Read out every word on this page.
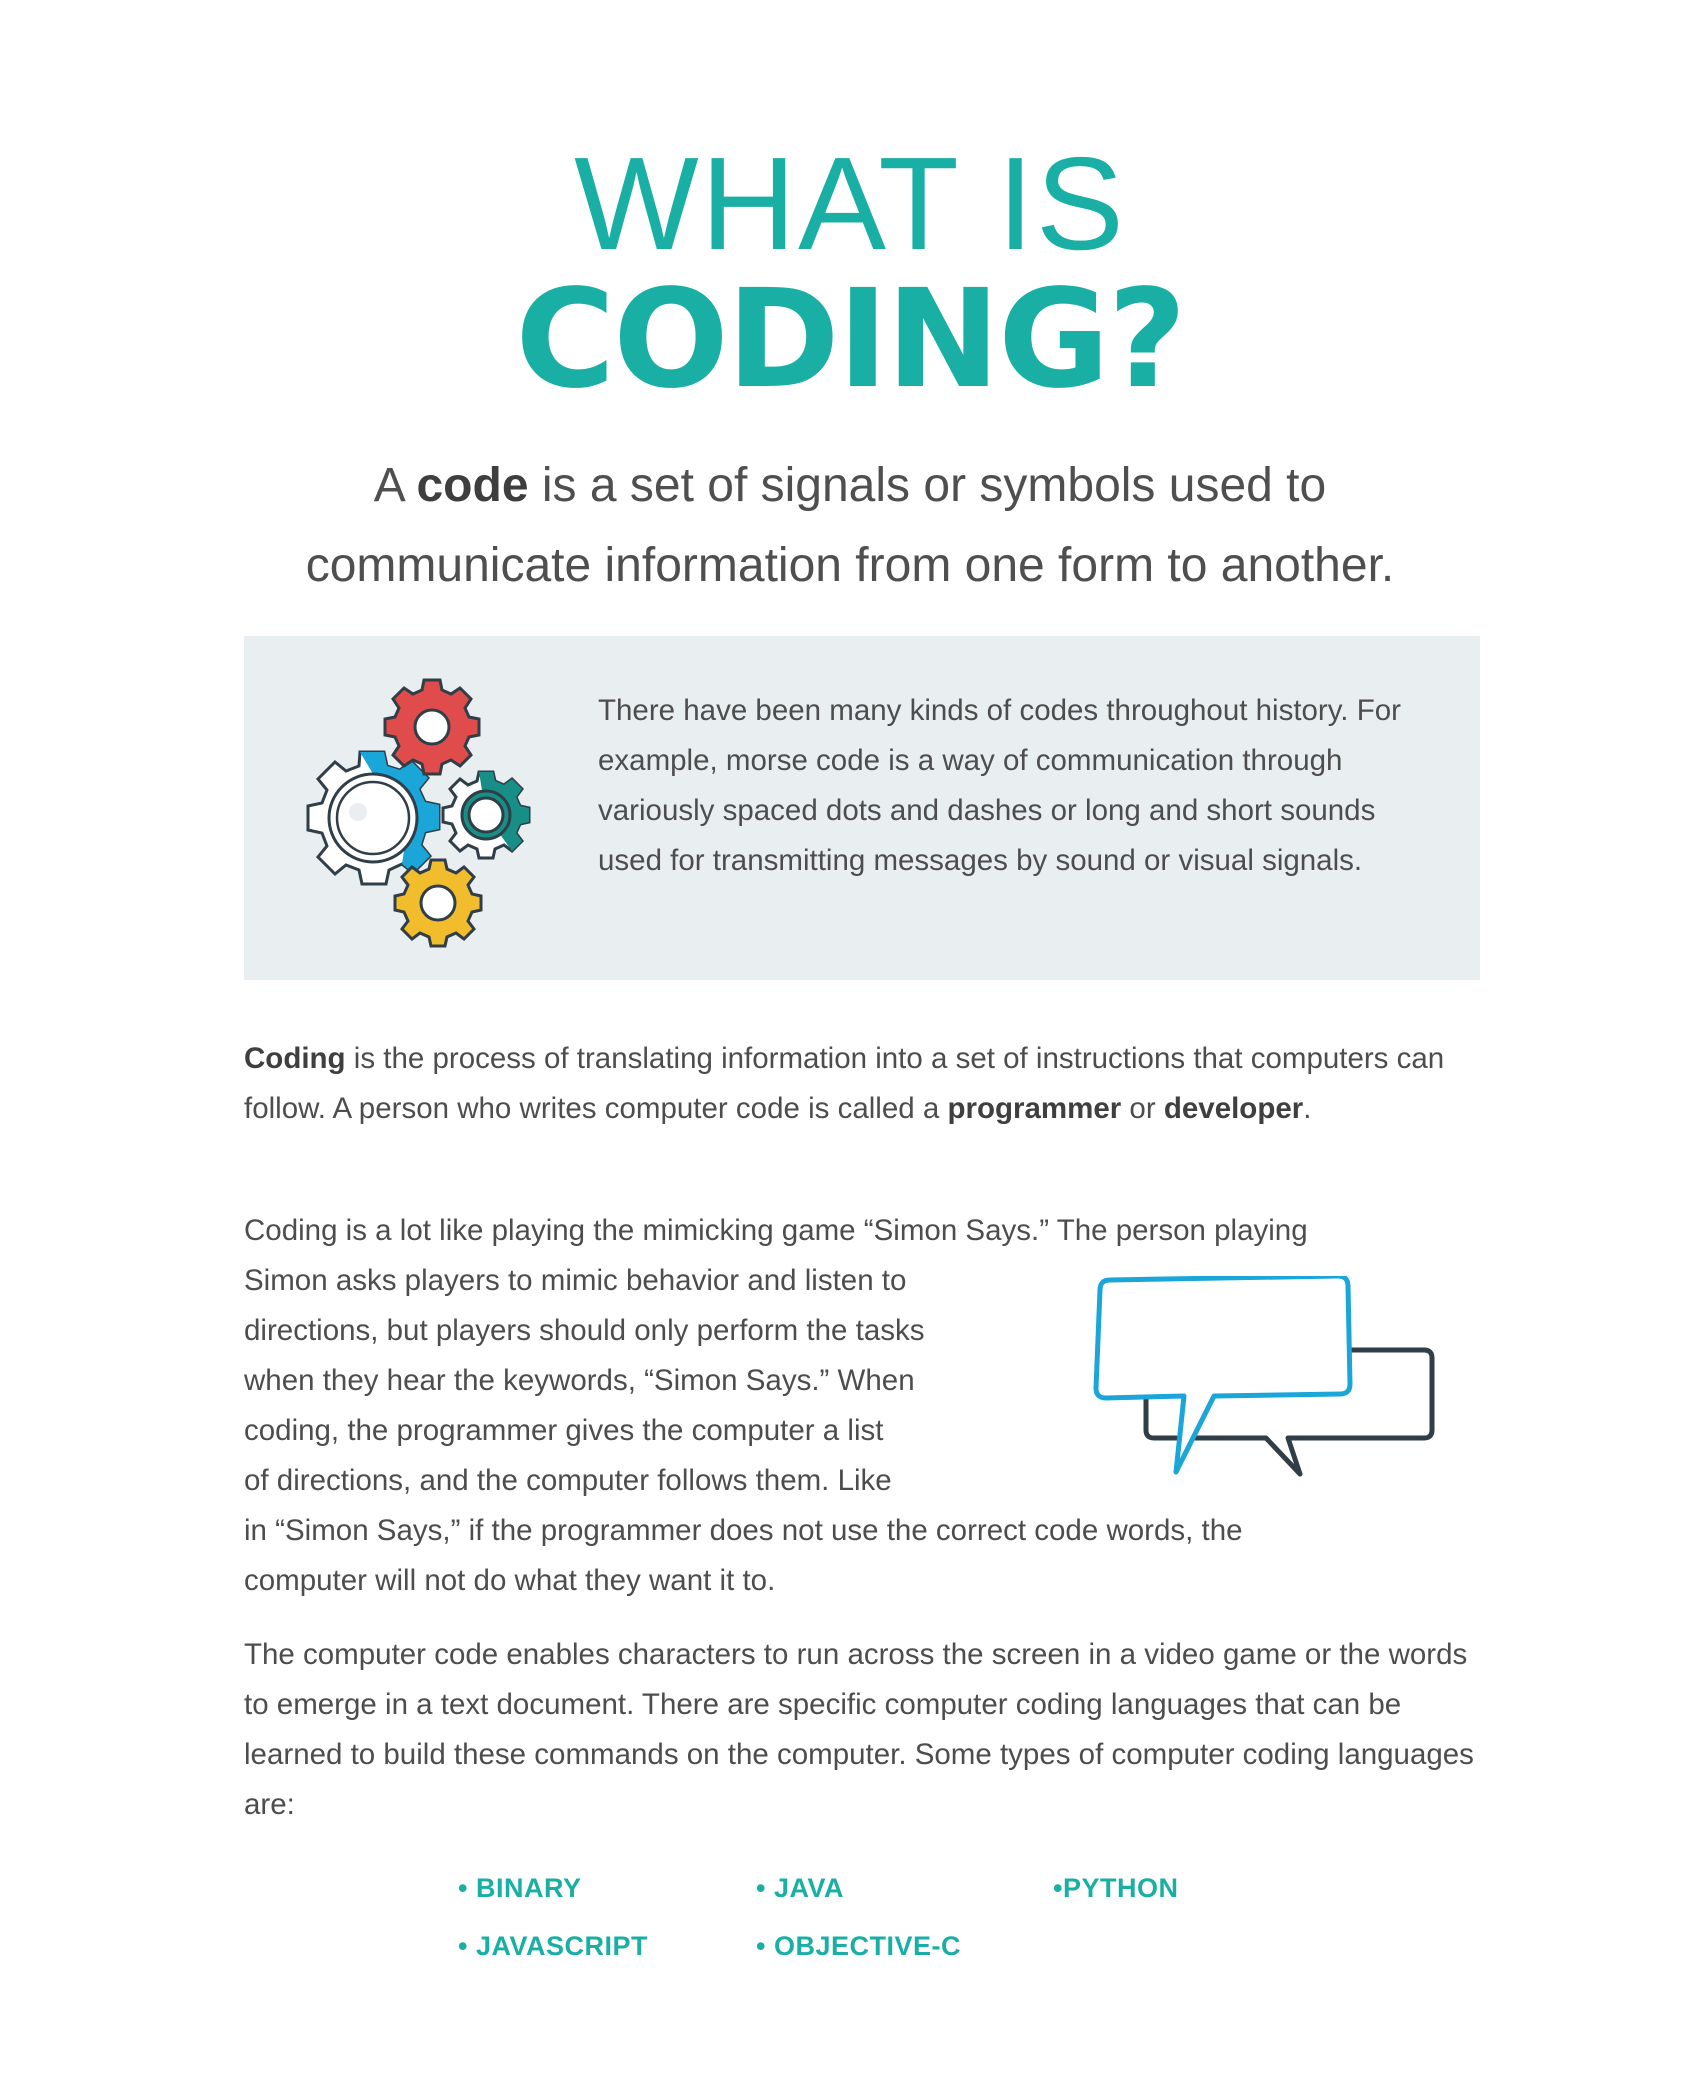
WHAT IS
CODING?

A code is a set of signals or symbols used to
communicate information from one form to another.

There have been many kinds of codes throughout history. For example, morse code is a way of communication through variously spaced dots and dashes or long and short sounds used for transmitting messages by sound or visual signals.

Coding is the process of translating information into a set of instructions that computers can follow. A person who writes computer code is called a programmer or developer.

Coding is a lot like playing the mimicking game “Simon Says.” The person playing
Simon asks players to mimic behavior and listen to
directions, but players should only perform the tasks
when they hear the keywords, “Simon Says.” When
coding, the programmer gives the computer a list
of directions, and the computer follows them. Like
in “Simon Says,” if the programmer does not use the correct code words, the
computer will not do what they want it to.

The computer code enables characters to run across the screen in a video game or the words to emerge in a text document. There are specific computer coding languages that can be learned to build these commands on the computer. Some types of computer coding languages are:

• BINARY	• JAVA	•PYTHON

• JAVASCRIPT	• OBJECTIVE-C
